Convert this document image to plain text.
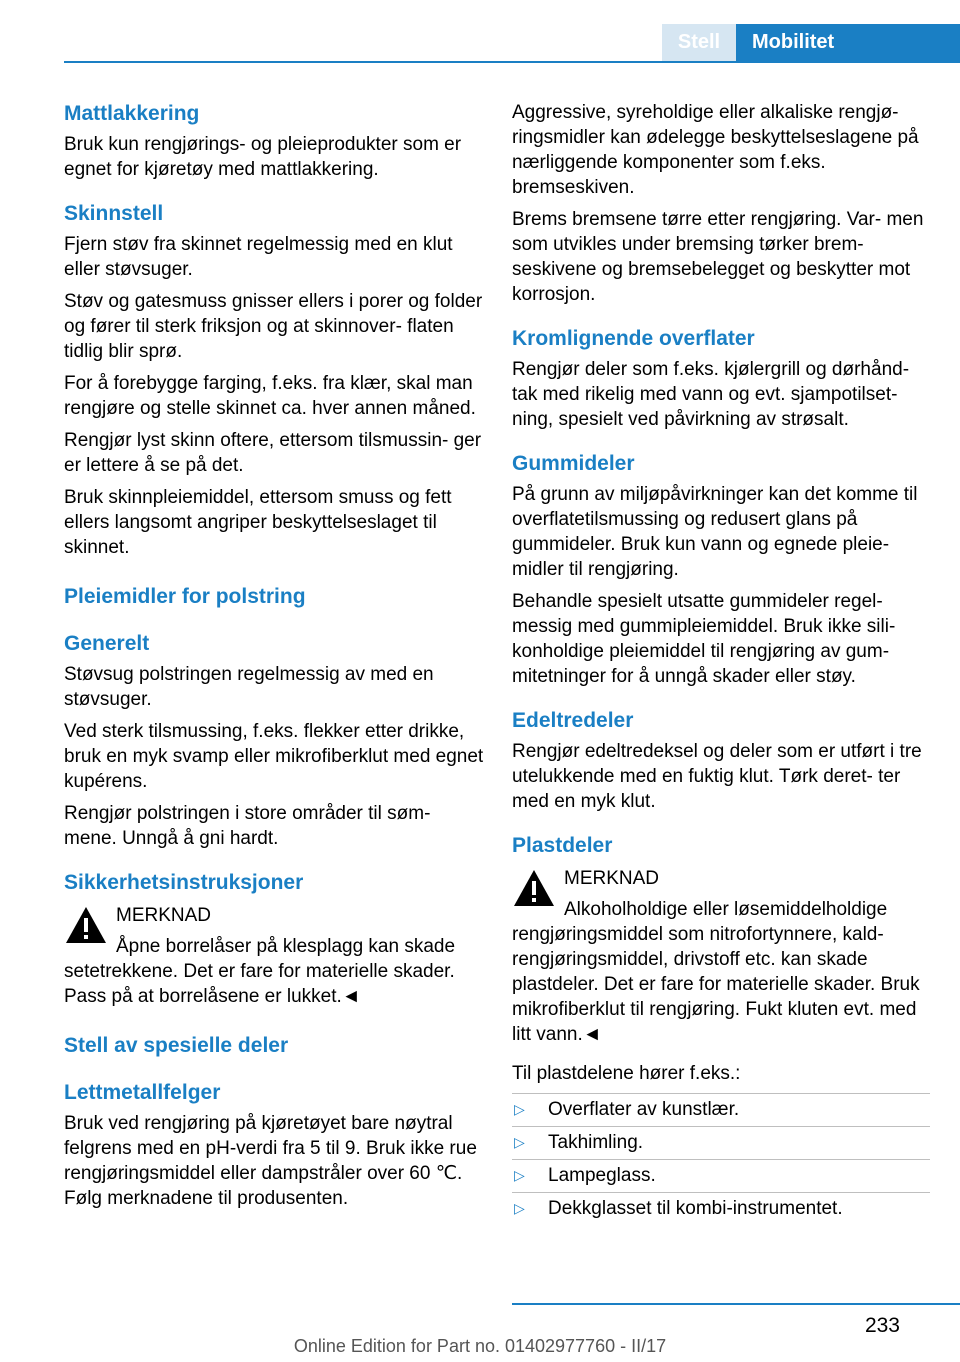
Stell Mobilitet
Mattlakkering

Bruk kun rengjørings- og pleieprodukter som er egnet for kjøretøy med mattlakkering.

Skinnstell

Fjern støv fra skinnet regelmessig med en klut eller støvsuger.

Støv og gatesmuss gnisser ellers i porer og folder og fører til sterk friksjon og at skinnover- flaten tidlig blir sprø.

For å forebygge farging, f.eks. fra klær, skal man rengjøre og stelle skinnet ca. hver annen måned.

Rengjør lyst skinn oftere, ettersom tilsmussin- ger er lettere å se på det.

Bruk skinnpleiemiddel, ettersom smuss og fett ellers langsomt angriper beskyttelseslaget til skinnet.

Pleiemidler for polstring
Generelt

Støvsug polstringen regelmessig av med en støvsuger.

Ved sterk tilsmussing, f.eks. flekker etter drikke, bruk en myk svamp eller mikrofiberklut med egnet kupérens.

Rengjør polstringen i store områder til søm- mene. Unngå å gni hardt.

Sikkerhetsinstruksjoner
MERKNAD
Åpne borrelåser på klesplagg kan skade setetrekkene. Det er fare for materielle skader. Pass på at borrelåsene er lukket.◄
Stell av spesielle deler
Lettmetallfelger

Bruk ved rengjøring på kjøretøyet bare nøytral felgrens med en pH-verdi fra 5 til 9. Bruk ikke rue rengjøringsmiddel eller dampstråler over 60 ℃. Følg merknadene til produsenten.

Aggressive, syreholdige eller alkaliske rengjø- ringsmidler kan ødelegge beskyttelseslagene på nærliggende komponenter som f.eks. bremseskiven.

Brems bremsene tørre etter rengjøring. Var- men som utvikles under bremsing tørker brem- seskivene og bremsebelegget og beskytter mot korrosjon.

Kromlignende overflater

Rengjør deler som f.eks. kjølergrill og dørhånd- tak med rikelig med vann og evt. sjampotilset- ning, spesielt ved påvirkning av strøsalt.

Gummideler

På grunn av miljøpåvirkninger kan det komme til overflatetilsmussing og redusert glans på gummideler. Bruk kun vann og egnede pleie- midler til rengjøring.

Behandle spesielt utsatte gummideler regel- messig med gummipleiemiddel. Bruk ikke sili- konholdige pleiemiddel til rengjøring av gum- mitetninger for å unngå skader eller støy.

Edeltredeler

Rengjør edeltredeksel og deler som er utført i tre utelukkende med en fuktig klut. Tørk deret- ter med en myk klut.

Plastdeler
MERKNAD
Alkoholholdige eller løsemiddelholdige rengjøringsmiddel som nitrofortynnere, kald- rengjøringsmiddel, drivstoff etc. kan skade plastdeler. Det er fare for materielle skader. Bruk mikrofiberklut til rengjøring. Fukt kluten evt. med litt vann.◄

Til plastdelene hører f.eks.:

▷	Overflater av kunstlær.
▷	Takhimling.
▷	Lampeglass.
▷	Dekkglasset til kombi-instrumentet.
233
Online Edition for Part no. 01402977760 - II/17
